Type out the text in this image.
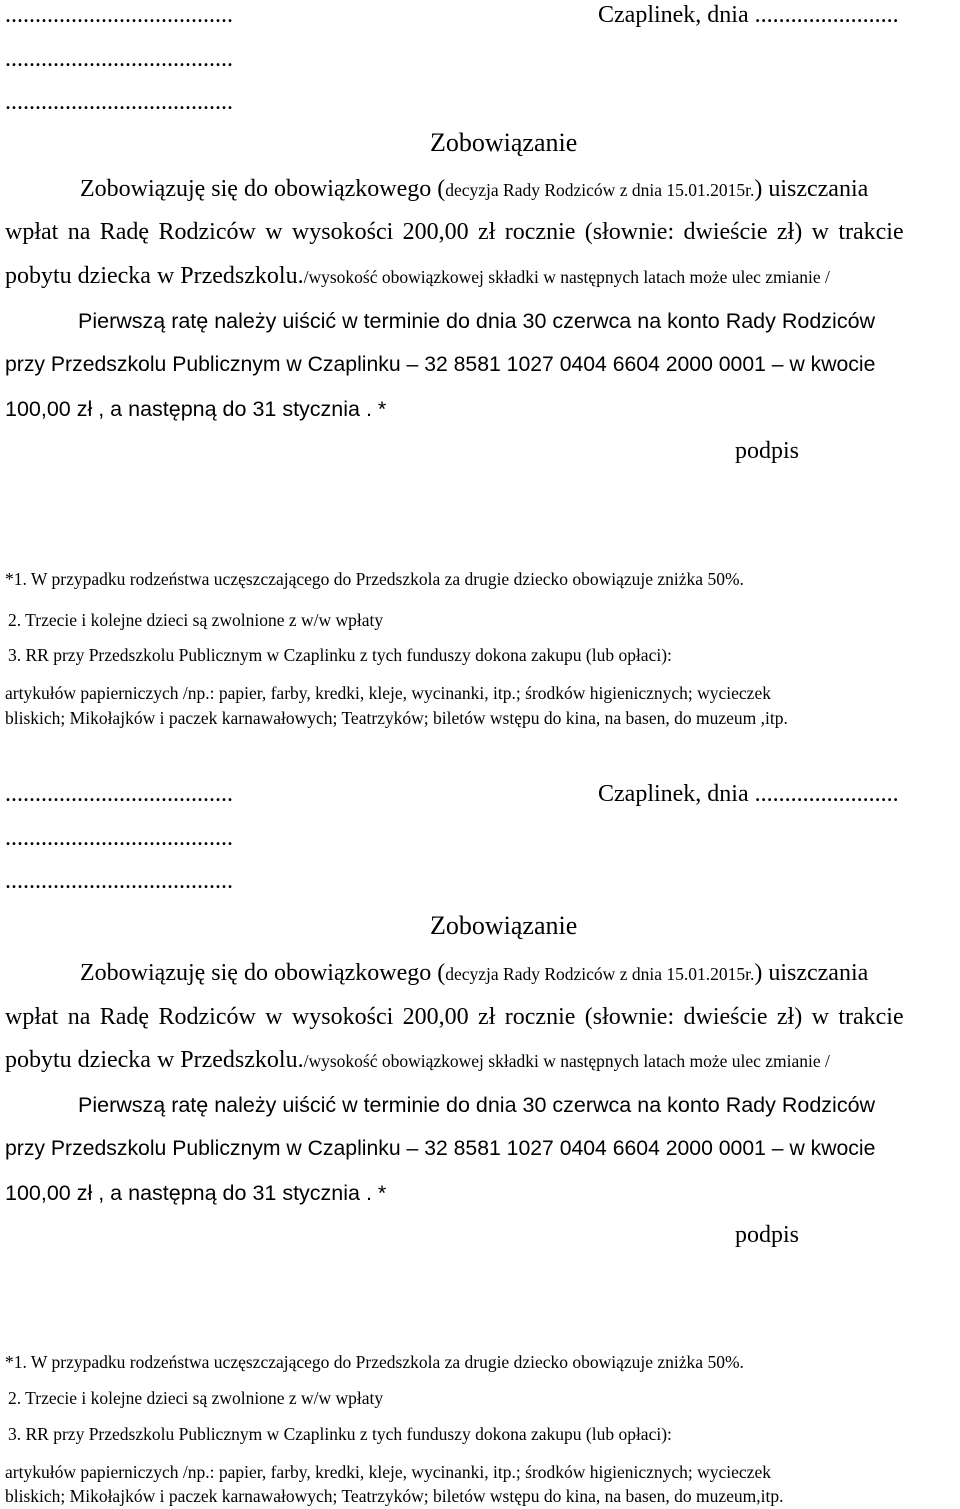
......................................	Czaplinek, dnia ........................
......................................
......................................
Zobowiązanie
Zobowiązuję się do obowiązkowego (decyzja Rady Rodziców z dnia 15.01.2015r.) uiszczania
wpłat na Radę Rodziców w wysokości 200,00 zł rocznie (słownie: dwieście zł) w trakcie
pobytu dziecka w Przedszkolu./wysokość obowiązkowej składki w następnych latach może ulec zmianie /
Pierwszą ratę należy uiścić w terminie do dnia 30 czerwca na konto Rady Rodziców
przy Przedszkolu Publicznym w Czaplinku – 32 8581 1027 0404 6604 2000 0001 – w kwocie
100,00 zł , a następną do 31 stycznia . *
podpis
*1. W przypadku rodzeństwa uczęszczającego do Przedszkola za drugie dziecko obowiązuje zniżka 50%.
2. Trzecie i kolejne dzieci są zwolnione z w/w wpłaty
3. RR przy Przedszkolu Publicznym w Czaplinku z tych funduszy dokona zakupu (lub opłaci):
artykułów papierniczych /np.: papier, farby, kredki, kleje, wycinanki, itp.; środków higienicznych; wycieczek
bliskich; Mikołajków i paczek karnawałowych; Teatrzyków; biletów wstępu do kina, na basen, do muzeum ,itp.
......................................	Czaplinek, dnia ........................
......................................
......................................
Zobowiązanie
Zobowiązuję się do obowiązkowego (decyzja Rady Rodziców z dnia 15.01.2015r.) uiszczania
wpłat na Radę Rodziców w wysokości 200,00 zł rocznie (słownie: dwieście zł) w trakcie
pobytu dziecka w Przedszkolu./wysokość obowiązkowej składki w następnych latach może ulec zmianie /
Pierwszą ratę należy uiścić w terminie do dnia 30 czerwca na konto Rady Rodziców
przy Przedszkolu Publicznym w Czaplinku – 32 8581 1027 0404 6604 2000 0001 – w kwocie
100,00 zł , a następną do 31 stycznia . *
podpis
*1. W przypadku rodzeństwa uczęszczającego do Przedszkola za drugie dziecko obowiązuje zniżka 50%.
2. Trzecie i kolejne dzieci są zwolnione z w/w wpłaty
3. RR przy Przedszkolu Publicznym w Czaplinku z tych funduszy dokona zakupu (lub opłaci):
artykułów papierniczych /np.: papier, farby, kredki, kleje, wycinanki, itp.; środków higienicznych; wycieczek
bliskich; Mikołajków i paczek karnawałowych; Teatrzyków; biletów wstępu do kina, na basen, do muzeum,itp.
